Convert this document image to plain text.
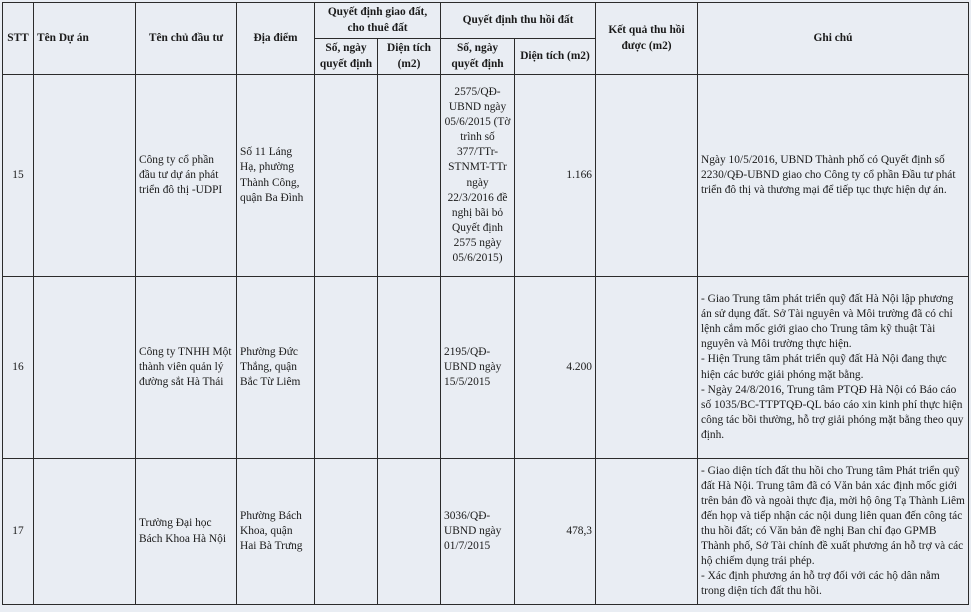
STT	Tên Dự án	Tên chủ đầu tư	Địa điểm	Quyết định giao đất, cho thuê đất		Quyết định thu hồi đất		Kết quả thu hồi được (m2)	Ghi chú
				Số, ngày quyết định	Diện tích (m2)	Số, ngày quyết định	Diện tích (m2)		
15		Công ty cổ phần đầu tư dự án phát triển đô thị -UDPI	Số 11 Láng Hạ, phường Thành Công, quận Ba Đình			2575/QĐ-UBND ngày 05/6/2015 (Tờ trình số 377/TTr-STNMT-TTr ngày 22/3/2016 đề nghị bãi bỏ Quyết định 2575 ngày 05/6/2015)	1.166		Ngày 10/5/2016, UBND Thành phố có Quyết định số 2230/QĐ-UBND giao cho Công ty cổ phần Đầu tư phát triển đô thị và thương mại để tiếp tục thực hiện dự án.
16		Công ty TNHH Một thành viên quản lý đường sắt Hà Thái	Phường Đức Thắng, quận Bắc Từ Liêm			2195/QĐ-UBND ngày 15/5/2015	4.200		- Giao Trung tâm phát triển quỹ đất Hà Nội lập phương án sử dụng đất. Sở Tài nguyên và Môi trường đã có chỉ lệnh cắm mốc giới giao cho Trung tâm kỹ thuật Tài nguyên và Môi trường thực hiện.
- Hiện Trung tâm phát triển quỹ đất Hà Nội đang thực hiện các bước giải phóng mặt bằng.
- Ngày 24/8/2016, Trung tâm PTQĐ Hà Nội có Báo cáo số 1035/BC-TTPTQĐ-QL báo cáo xin kinh phí thực hiện công tác bồi thường, hỗ trợ giải phóng mặt bằng theo quy định.
17		Trường Đại học Bách Khoa Hà Nội	Phường Bách Khoa, quận Hai Bà Trưng			3036/QĐ-UBND ngày 01/7/2015	478,3		- Giao diện tích đất thu hồi cho Trung tâm Phát triển quỹ đất Hà Nội. Trung tâm đã có Văn bản xác định mốc giới trên bản đồ và ngoài thực địa, mời hộ ông Tạ Thành Liêm đến họp và tiếp nhận các nội dung liên quan đến công tác thu hồi đất; có Văn bản đề nghị Ban chỉ đạo GPMB Thành phố, Sở Tài chính đề xuất phương án hỗ trợ và các hộ chiếm dụng trái phép.
- Xác định phương án hỗ trợ đối với các hộ dân nằm trong diện tích đất thu hồi.
